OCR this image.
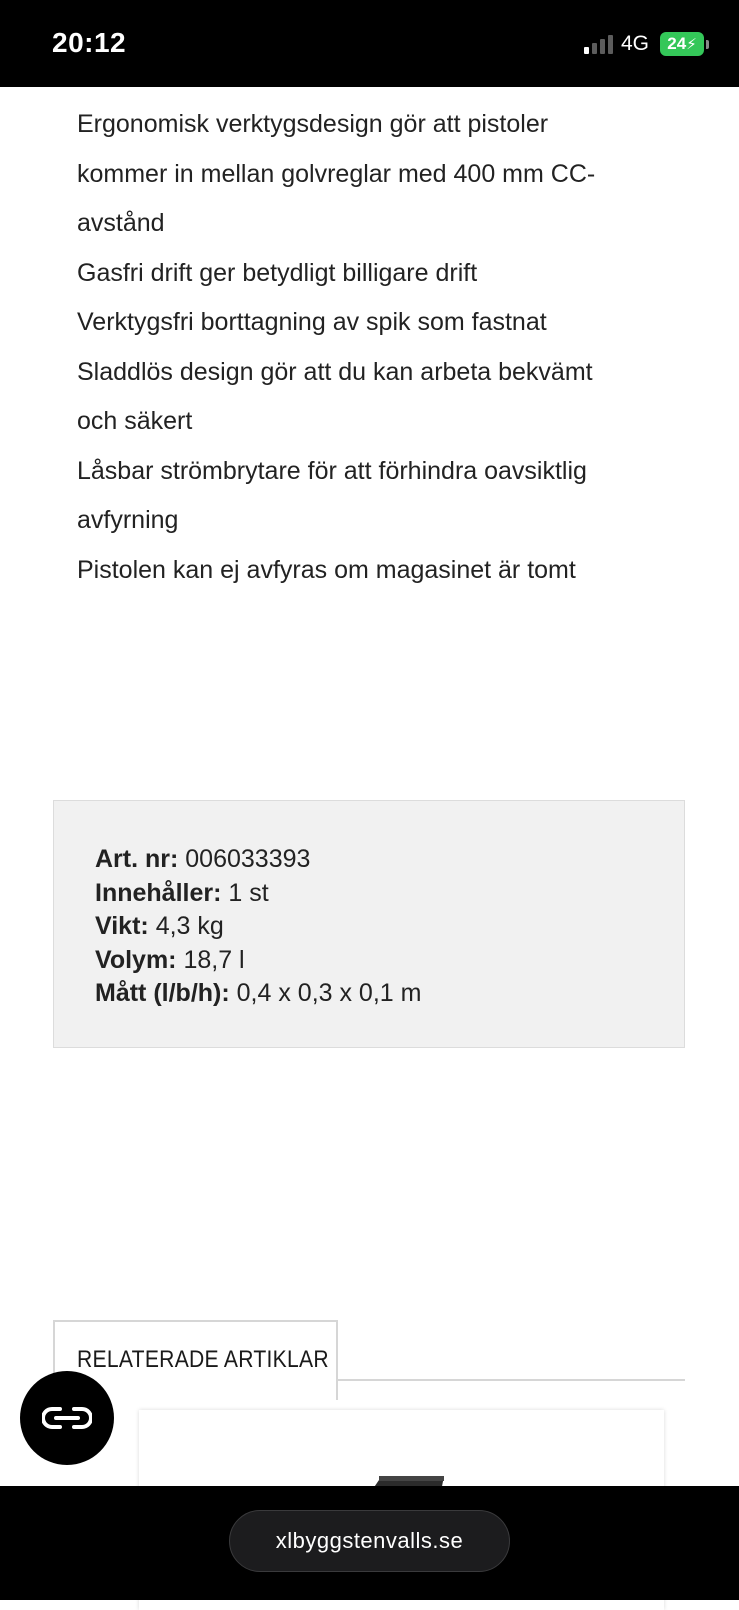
20:12	4G 24 ⚡
Ergonomisk verktygsdesign gör att pistoler kommer in mellan golvreglar med 400 mm CC-avstånd
Gasfri drift ger betydligt billigare drift
Verktygsfri borttagning av spik som fastnat
Sladdlös design gör att du kan arbeta bekvämt och säkert
Låsbar strömbrytare för att förhindra oavsiktlig avfyrning
Pistolen kan ej avfyras om magasinet är tomt
Art. nr: 006033393
Innehåller: 1 st
Vikt: 4,3 kg
Volym: 18,7 l
Mått (l/b/h): 0,4 x 0,3 x 0,1 m
RELATERADE ARTIKLAR
xlbyggstenvalls.se
